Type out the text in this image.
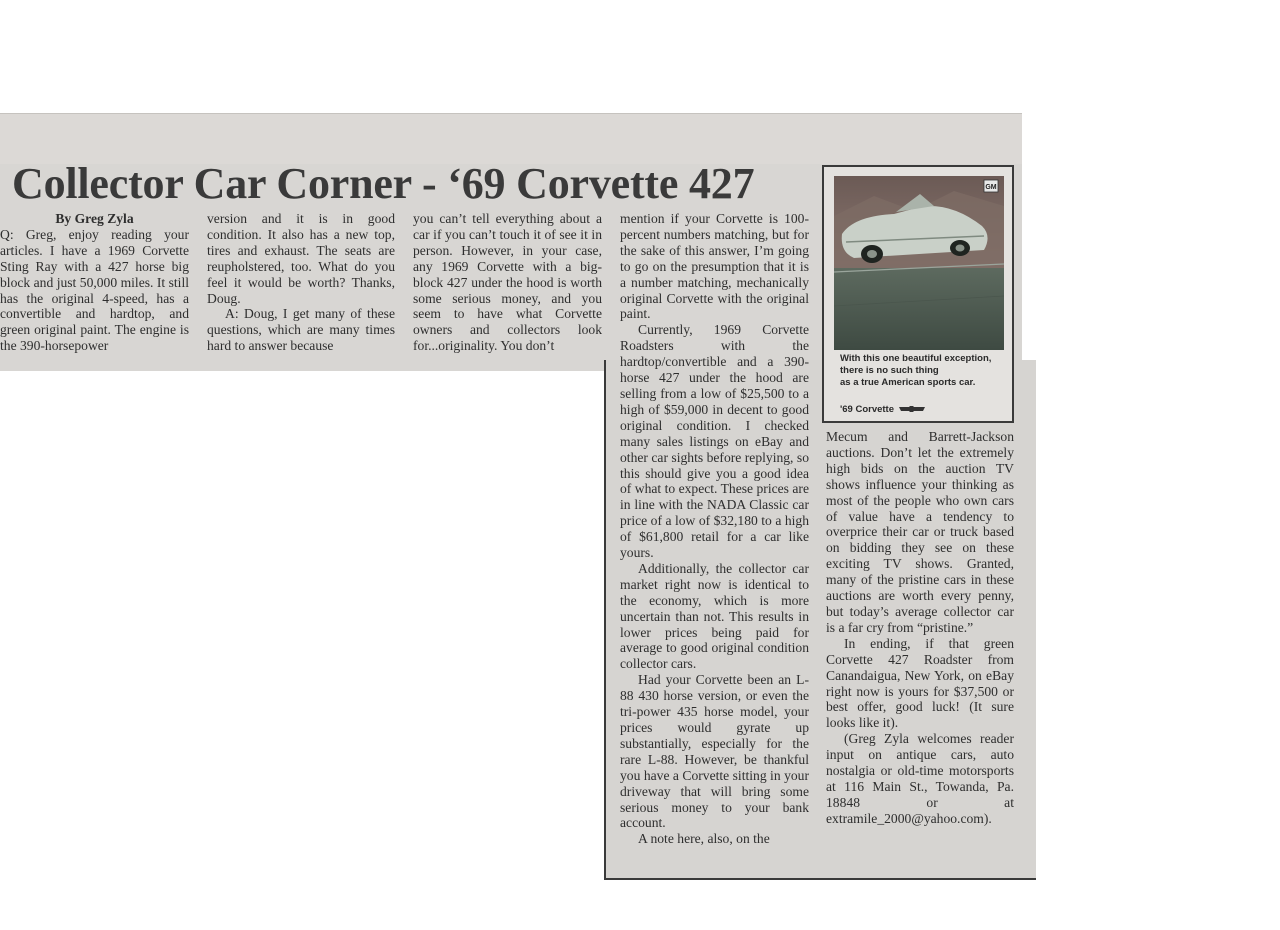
Collector Car Corner - ‘69 Corvette 427

By Greg Zyla

Q: Greg, enjoy reading your articles. I have a 1969 Corvette Sting Ray with a 427 horse big block and just 50,000 miles. It still has the original 4-speed, has a convertible and hardtop, and green original paint. The engine is the 390-horsepower

version and it is in good condition. It also has a new top, tires and exhaust. The seats are reupholstered, too. What do you feel it would be worth? Thanks, Doug.

A: Doug, I get many of these questions, which are many times hard to answer because

you can’t tell everything about a car if you can’t touch it of see it in person. However, in your case, any 1969 Corvette with a big-block 427 under the hood is worth some serious money, and you seem to have what Corvette owners and collectors look for...originality. You don’t

mention if your Corvette is 100-percent numbers matching, but for the sake of this answer, I’m going to go on the presumption that it is a number matching, mechanically original Corvette with the original paint.

Currently, 1969 Corvette Roadsters with the hardtop/convertible and a 390-horse 427 under the hood are selling from a low of $25,500 to a high of $59,000 in decent to good original condition. I checked many sales listings on eBay and other car sights before replying, so this should give you a good idea of what to expect. These prices are in line with the NADA Classic car price of a low of $32,180 to a high of $61,800 retail for a car like yours.

Additionally, the collector car market right now is identical to the economy, which is more uncertain than not. This results in lower prices being paid for average to good original condition collector cars.

Had your Corvette been an L-88 430 horse version, or even the tri-power 435 horse model, your prices would gyrate up substantially, especially for the rare L-88. However, be thankful you have a Corvette sitting in your driveway that will bring some serious money to your bank account.

A note here, also, on the

Mecum and Barrett-Jackson auctions. Don’t let the extremely high bids on the auction TV shows influence your thinking as most of the people who own cars of value have a tendency to overprice their car or truck based on bidding they see on these exciting TV shows. Granted, many of the pristine cars in these auctions are worth every penny, but today’s average collector car is a far cry from “pristine.”

In ending, if that green Corvette 427 Roadster from Canandaigua, New York, on eBay right now is yours for $37,500 or best offer, good luck! (It sure looks like it).

(Greg Zyla welcomes reader input on antique cars, auto nostalgia or old-time motorsports at 116 Main St., Towanda, Pa. 18848 or at extramile_2000@yahoo.com).

GM

With this one beautiful exception,

there is no such thing

as a true American sports car.

'69 Corvette
